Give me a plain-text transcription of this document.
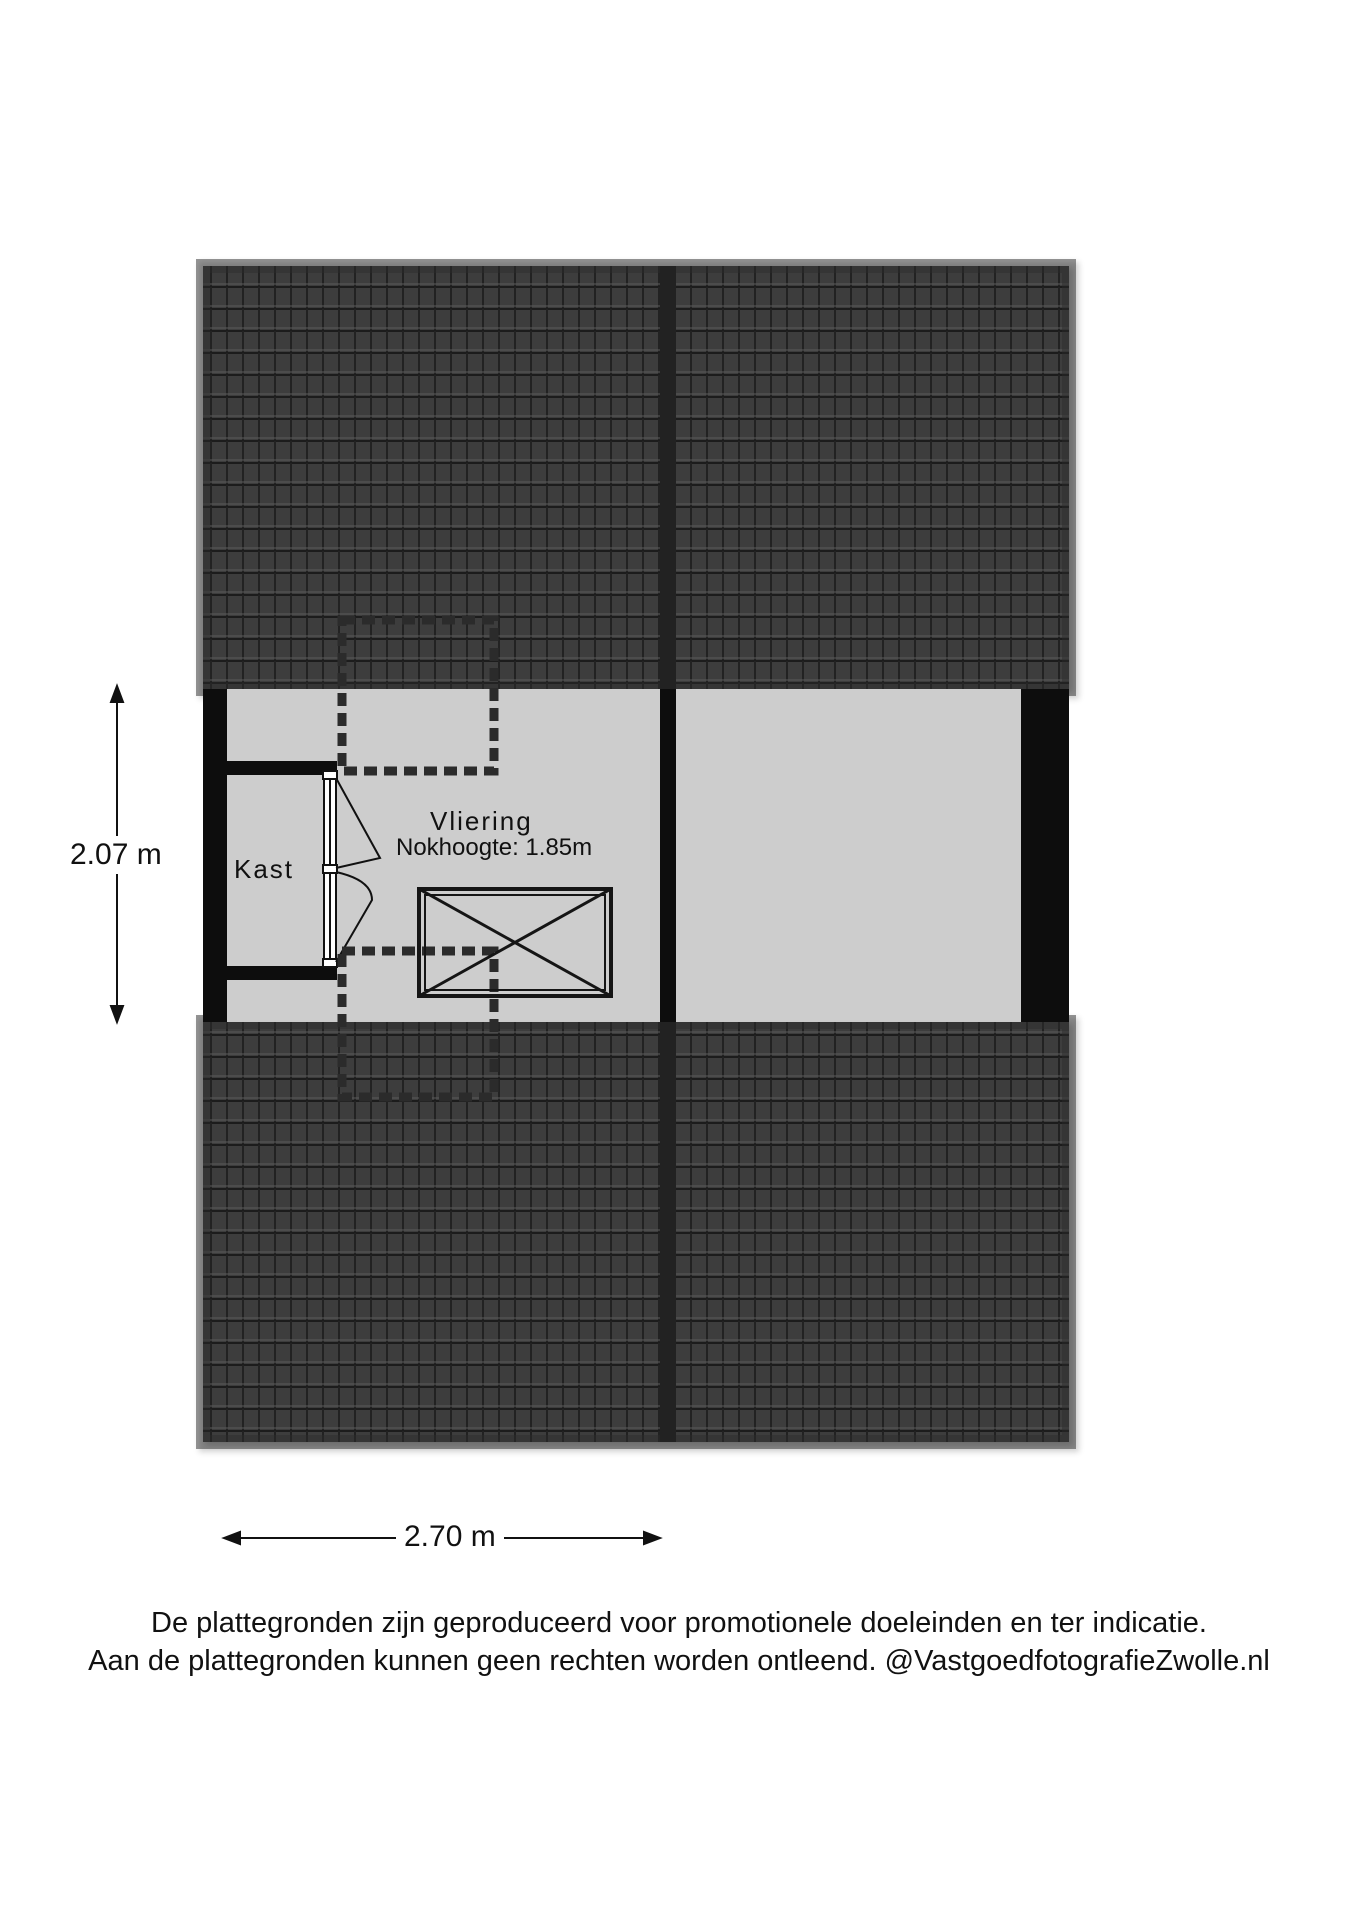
Vliering
Nokhoogte: 1.85m
Kast
2.07 m
2.70 m
De plattegronden zijn geproduceerd voor promotionele doeleinden en ter indicatie.
Aan de plattegronden kunnen geen rechten worden ontleend. @VastgoedfotografieZwolle.nl
